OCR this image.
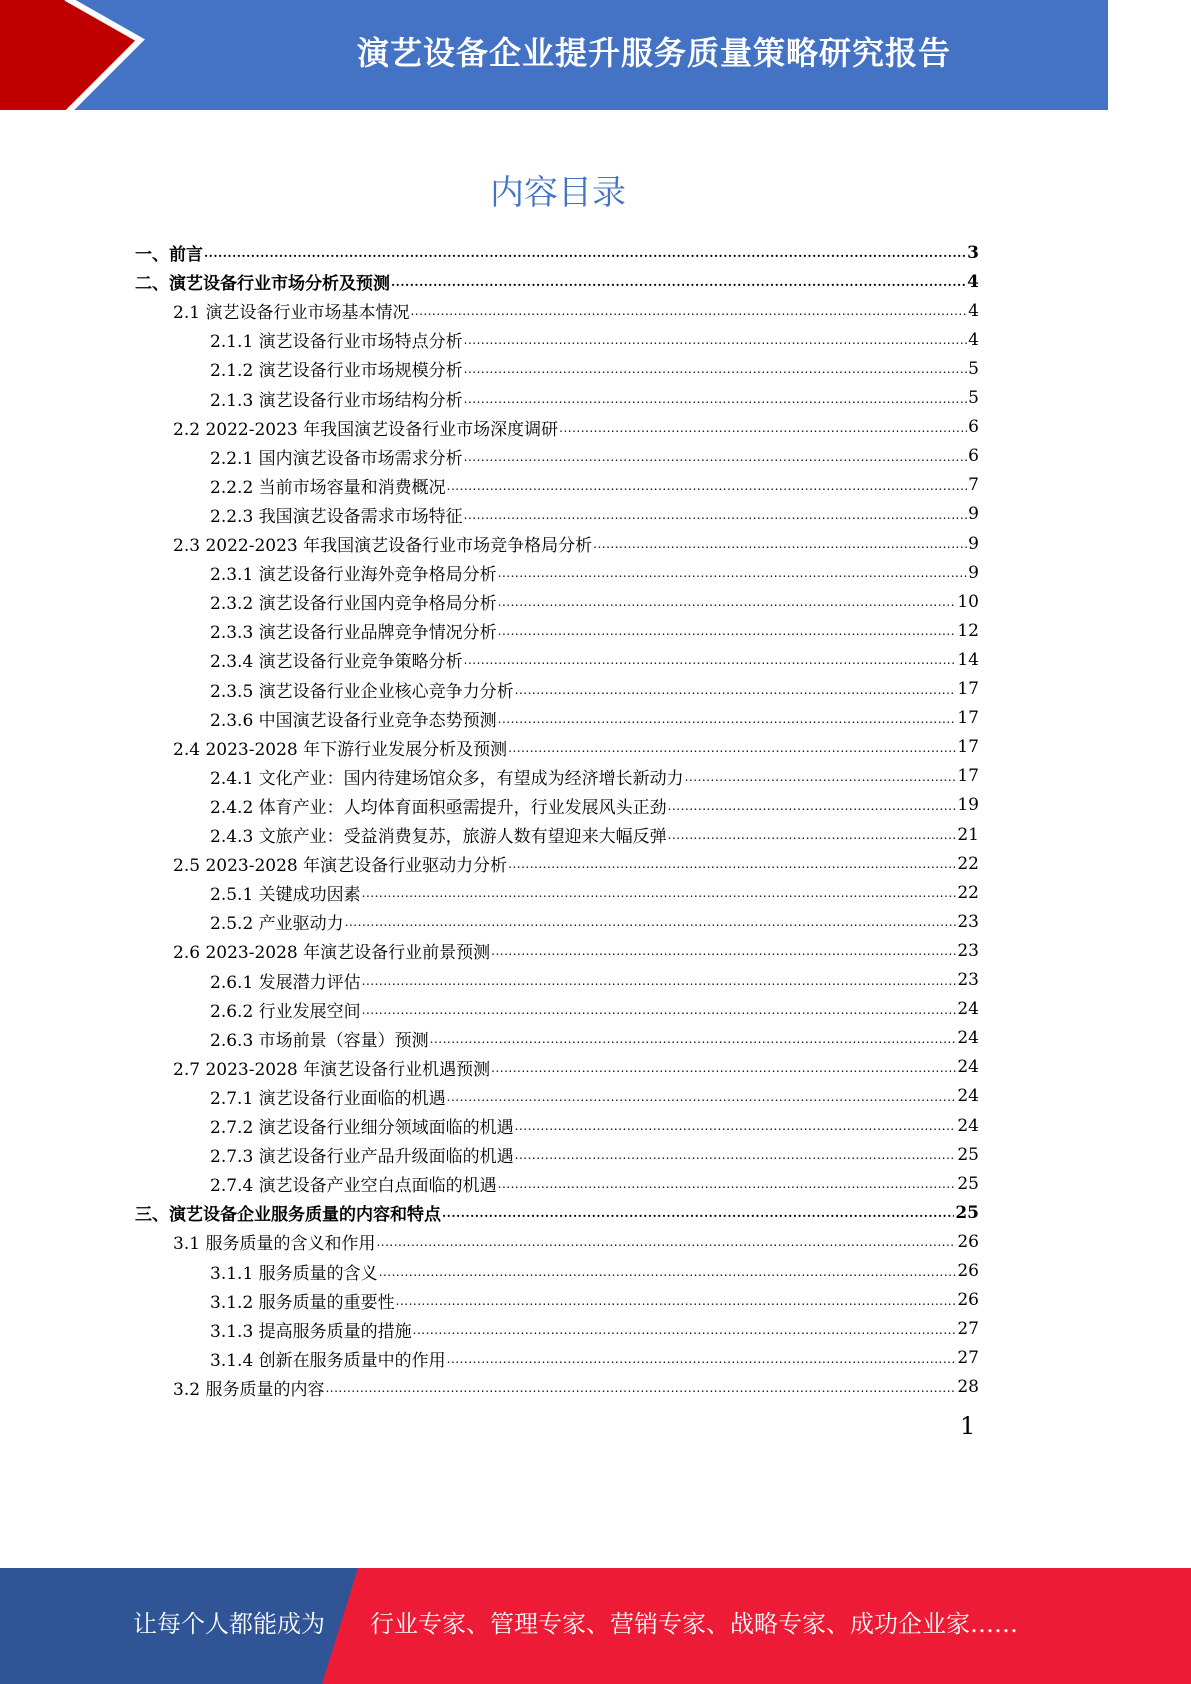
演艺设备企业提升服务质量策略研究报告
内容目录
一、前言 .....	3
二、演艺设备行业市场分析及预测 .....	4
2.1 演艺设备行业市场基本情况 .....	4
2.1.1 演艺设备行业市场特点分析 .....	4
2.1.2 演艺设备行业市场规模分析 .....	5
2.1.3 演艺设备行业市场结构分析 .....	5
2.2 2022-2023 年我国演艺设备行业市场深度调研 .....	6
2.2.1 国内演艺设备市场需求分析 .....	6
2.2.2 当前市场容量和消费概况 .....	7
2.2.3 我国演艺设备需求市场特征 .....	9
2.3 2022-2023 年我国演艺设备行业市场竞争格局分析 .....	9
2.3.1 演艺设备行业海外竞争格局分析 .....	9
2.3.2 演艺设备行业国内竞争格局分析 .....	10
2.3.3 演艺设备行业品牌竞争情况分析 .....	12
2.3.4 演艺设备行业竞争策略分析 .....	14
2.3.5 演艺设备行业企业核心竞争力分析 .....	17
2.3.6 中国演艺设备行业竞争态势预测 .....	17
2.4 2023-2028 年下游行业发展分析及预测 .....	17
2.4.1 文化产业：国内待建场馆众多，有望成为经济增长新动力 .....	17
2.4.2 体育产业：人均体育面积亟需提升，行业发展风头正劲 .....	19
2.4.3 文旅产业：受益消费复苏，旅游人数有望迎来大幅反弹 .....	21
2.5 2023-2028 年演艺设备行业驱动力分析 .....	22
2.5.1 关键成功因素 .....	22
2.5.2 产业驱动力 .....	23
2.6 2023-2028 年演艺设备行业前景预测 .....	23
2.6.1 发展潜力评估 .....	23
2.6.2 行业发展空间 .....	24
2.6.3 市场前景（容量）预测 .....	24
2.7 2023-2028 年演艺设备行业机遇预测 .....	24
2.7.1 演艺设备行业面临的机遇 .....	24
2.7.2 演艺设备行业细分领域面临的机遇 .....	24
2.7.3 演艺设备行业产品升级面临的机遇 .....	25
2.7.4 演艺设备产业空白点面临的机遇 .....	25
三、演艺设备企业服务质量的内容和特点 .....	25
3.1 服务质量的含义和作用 .....	26
3.1.1 服务质量的含义 .....	26
3.1.2 服务质量的重要性 .....	26
3.1.3 提高服务质量的措施 .....	27
3.1.4 创新在服务质量中的作用 .....	27
3.2 服务质量的内容 .....	28
1
让每个人都能成为 行业专家、管理专家、营销专家、战略专家、成功企业家……
